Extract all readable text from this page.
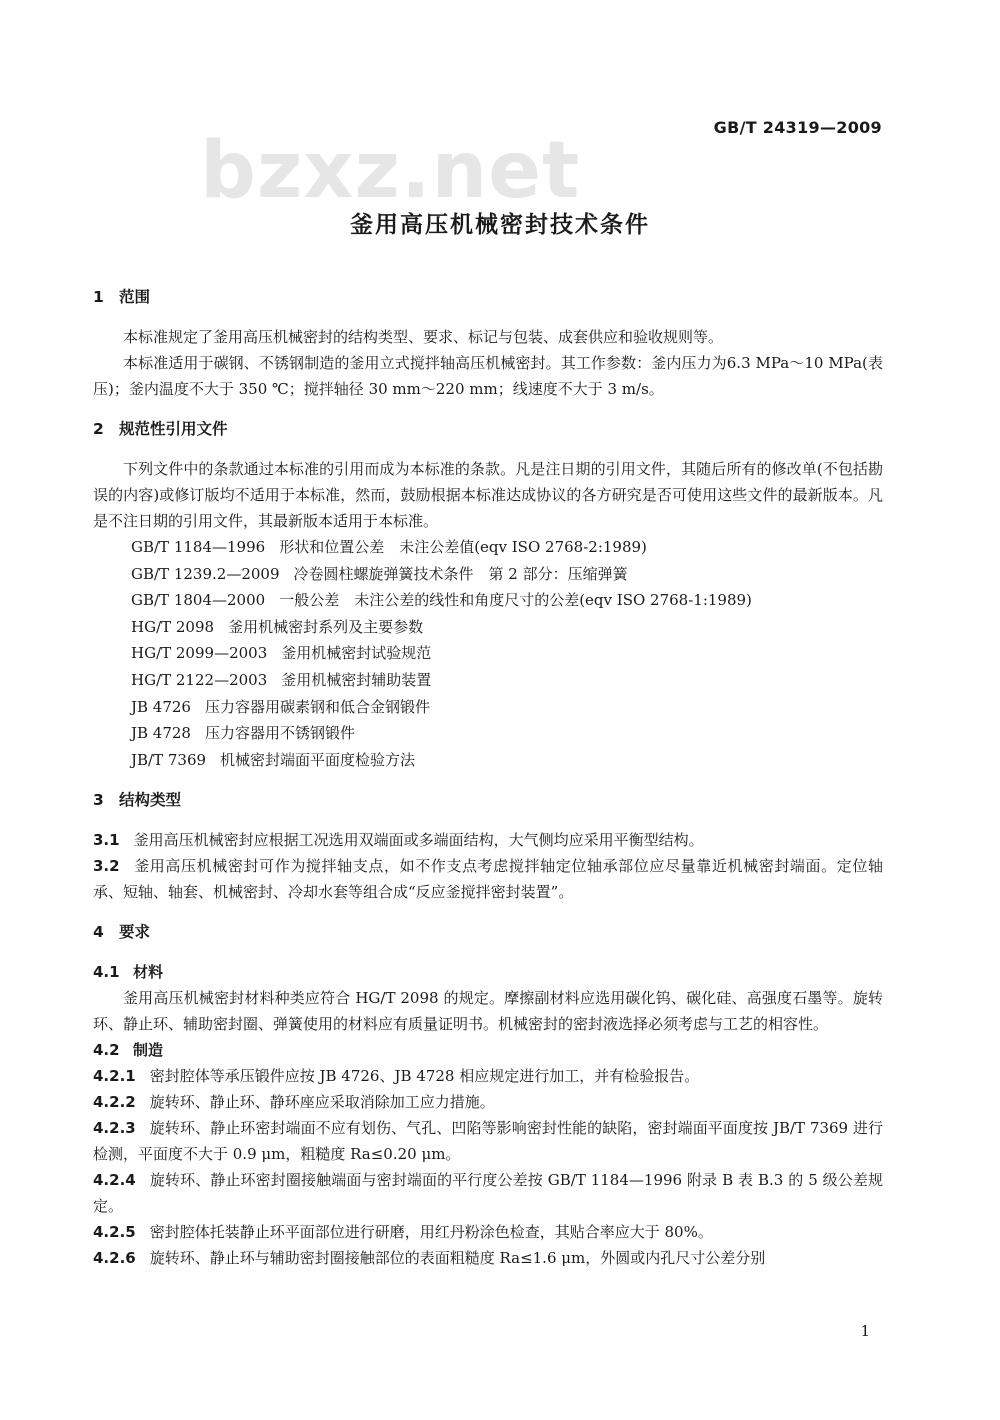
bzxz.net	GB/T 24319—2009
釜用高压机械密封技术条件
1 范围

本标准规定了釜用高压机械密封的结构类型、要求、标记与包装、成套供应和验收规则等。

本标准适用于碳钢、不锈钢制造的釜用立式搅拌轴高压机械密封。其工作参数：釜内压力为6.3 MPa～10 MPa(表压)；釜内温度不大于 350 ℃；搅拌轴径 30 mm～220 mm；线速度不大于 3 m/s。

2 规范性引用文件

下列文件中的条款通过本标准的引用而成为本标准的条款。凡是注日期的引用文件，其随后所有的修改单(不包括勘误的内容)或修订版均不适用于本标准，然而，鼓励根据本标准达成协议的各方研究是否可使用这些文件的最新版本。凡是不注日期的引用文件，其最新版本适用于本标准。

GB/T 1184—1996 形状和位置公差　未注公差值(eqv ISO 2768-2:1989)

GB/T 1239.2—2009 冷卷圆柱螺旋弹簧技术条件　第 2 部分：压缩弹簧

GB/T 1804—2000 一般公差　未注公差的线性和角度尺寸的公差(eqv ISO 2768-1:1989)

HG/T 2098 釜用机械密封系列及主要参数

HG/T 2099—2003 釜用机械密封试验规范

HG/T 2122—2003 釜用机械密封辅助装置

JB 4726 压力容器用碳素钢和低合金钢锻件

JB 4728 压力容器用不锈钢锻件

JB/T 7369 机械密封端面平面度检验方法

3 结构类型

3.1 釜用高压机械密封应根据工况选用双端面或多端面结构，大气侧均应采用平衡型结构。

3.2 釜用高压机械密封可作为搅拌轴支点，如不作支点考虑搅拌轴定位轴承部位应尽量靠近机械密封端面。定位轴承、短轴、轴套、机械密封、冷却水套等组合成“反应釜搅拌密封装置”。

4 要求
4.1 材料

釜用高压机械密封材料种类应符合 HG/T 2098 的规定。摩擦副材料应选用碳化钨、碳化硅、高强度石墨等。旋转环、静止环、辅助密封圈、弹簧使用的材料应有质量证明书。机械密封的密封液选择必须考虑与工艺的相容性。

4.2 制造

4.2.1 密封腔体等承压锻件应按 JB 4726、JB 4728 相应规定进行加工，并有检验报告。

4.2.2 旋转环、静止环、静环座应采取消除加工应力措施。

4.2.3 旋转环、静止环密封端面不应有划伤、气孔、凹陷等影响密封性能的缺陷，密封端面平面度按 JB/T 7369 进行检测，平面度不大于 0.9 μm，粗糙度 Ra≤0.20 μm。

4.2.4 旋转环、静止环密封圈接触端面与密封端面的平行度公差按 GB/T 1184—1996 附录 B 表 B.3 的 5 级公差规定。

4.2.5 密封腔体托装静止环平面部位进行研磨，用红丹粉涂色检查，其贴合率应大于 80%。

4.2.6 旋转环、静止环与辅助密封圈接触部位的表面粗糙度 Ra≤1.6 μm，外圆或内孔尺寸公差分别

1
